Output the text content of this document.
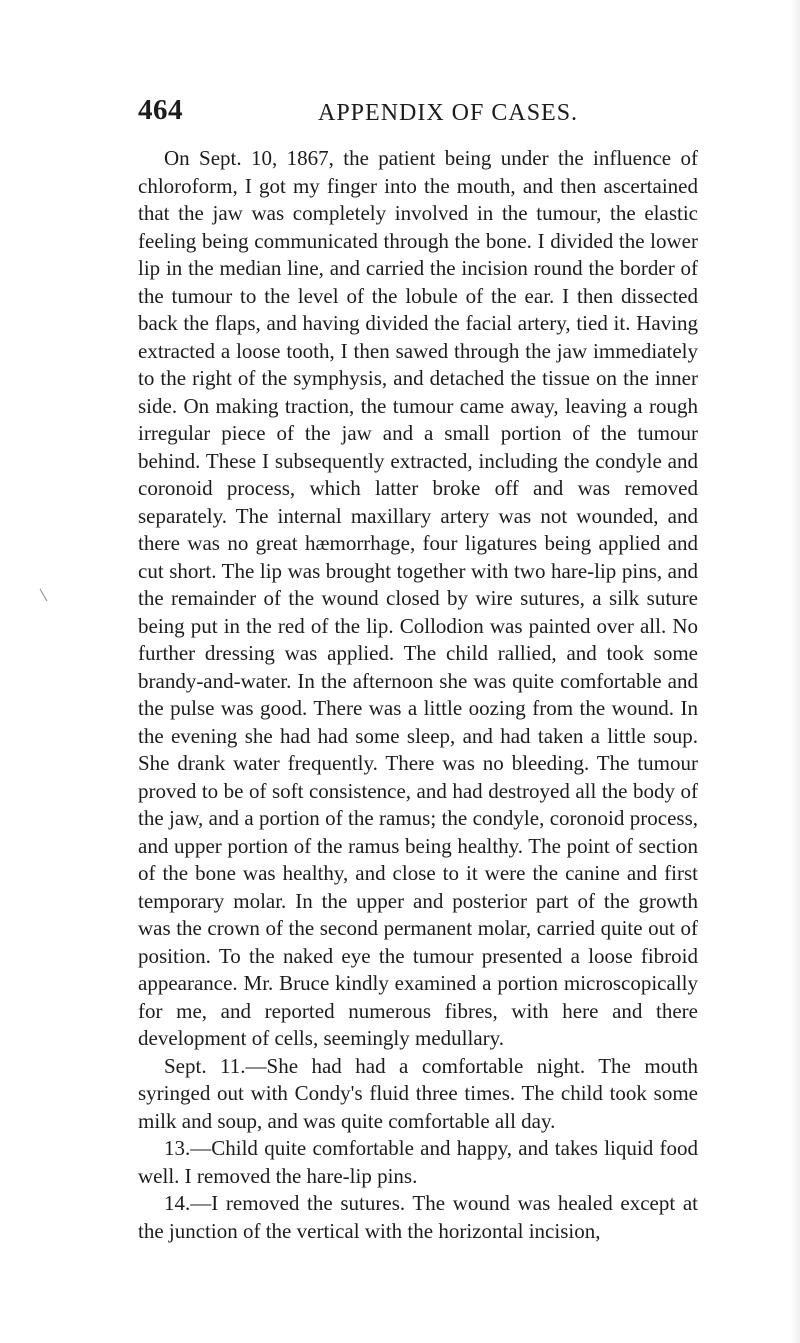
464	APPENDIX OF CASES.

On Sept. 10, 1867, the patient being under the influence of chloroform, I got my finger into the mouth, and then ascertained that the jaw was completely involved in the tumour, the elastic feeling being communicated through the bone. I divided the lower lip in the median line, and carried the incision round the border of the tumour to the level of the lobule of the ear. I then dissected back the flaps, and having divided the facial artery, tied it. Having extracted a loose tooth, I then sawed through the jaw immediately to the right of the symphysis, and detached the tissue on the inner side. On making traction, the tumour came away, leaving a rough irregular piece of the jaw and a small portion of the tumour behind. These I subsequently extracted, including the condyle and coronoid process, which latter broke off and was removed separately. The internal maxillary artery was not wounded, and there was no great hæmorrhage, four ligatures being applied and cut short. The lip was brought together with two hare-lip pins, and the remainder of the wound closed by wire sutures, a silk suture being put in the red of the lip. Collodion was painted over all. No further dressing was applied. The child rallied, and took some brandy-and-water. In the afternoon she was quite comfortable and the pulse was good. There was a little oozing from the wound. In the evening she had had some sleep, and had taken a little soup. She drank water frequently. There was no bleeding. The tumour proved to be of soft consistence, and had destroyed all the body of the jaw, and a portion of the ramus; the condyle, coronoid process, and upper portion of the ramus being healthy. The point of section of the bone was healthy, and close to it were the canine and first temporary molar. In the upper and posterior part of the growth was the crown of the second permanent molar, carried quite out of position. To the naked eye the tumour presented a loose fibroid appearance. Mr. Bruce kindly examined a portion microscopically for me, and reported numerous fibres, with here and there development of cells, seemingly medullary.

Sept. 11.—She had had a comfortable night. The mouth syringed out with Condy's fluid three times. The child took some milk and soup, and was quite comfortable all day.

13.—Child quite comfortable and happy, and takes liquid food well. I removed the hare-lip pins.

14.—I removed the sutures. The wound was healed except at the junction of the vertical with the horizontal incision,
